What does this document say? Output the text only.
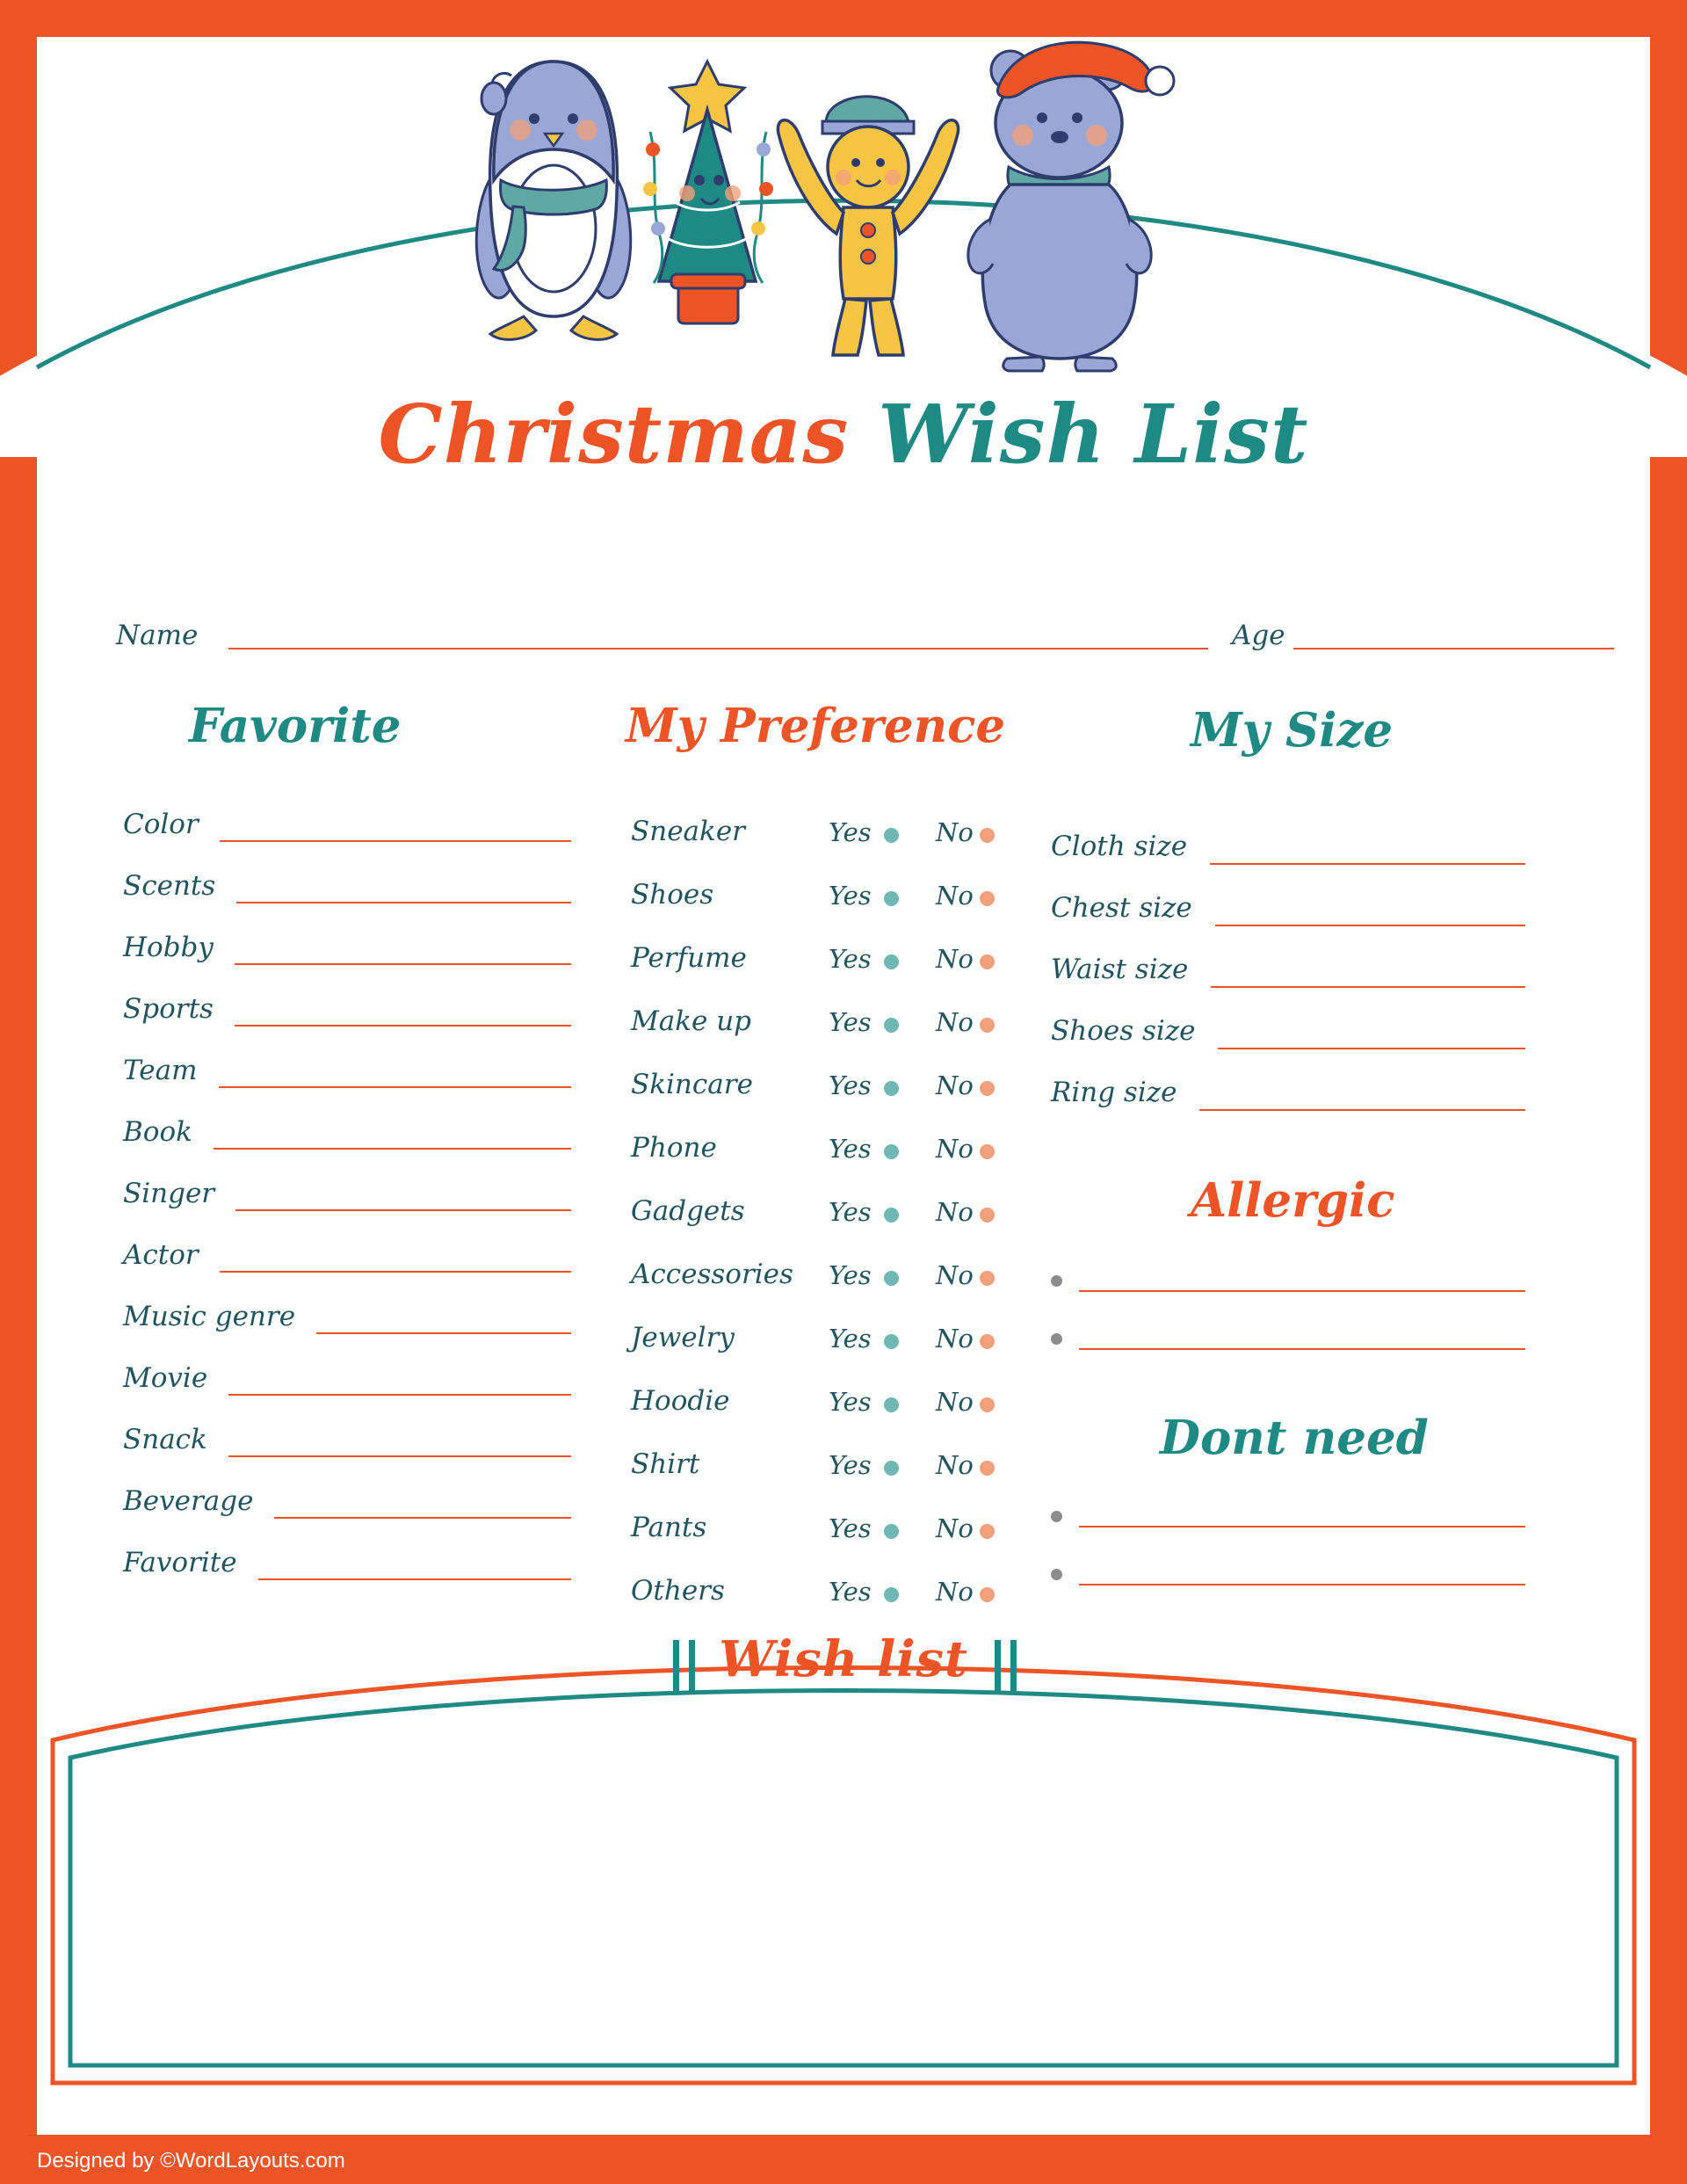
Christmas Wish List
Name	Age
Favorite	My Preference	My Size
Allergic
Dont need
Color
Scents
Hobby
Sports
Team
Book
Singer
Actor
Music genre
Movie
Snack
Beverage
Favorite
Sneaker	Yes	No
Shoes	Yes	No
Perfume	Yes	No
Make up	Yes	No
Skincare	Yes	No
Phone	Yes	No
Gadgets	Yes	No
Accessories Yes	No
Jewelry	Yes	No
Hoodie	Yes	No
Shirt	Yes	No
Pants	Yes	No
Others	Yes	No
Cloth size
Chest size
Waist size
Shoes size
Ring size
Wish list
Designed by ©WordLayouts.com
